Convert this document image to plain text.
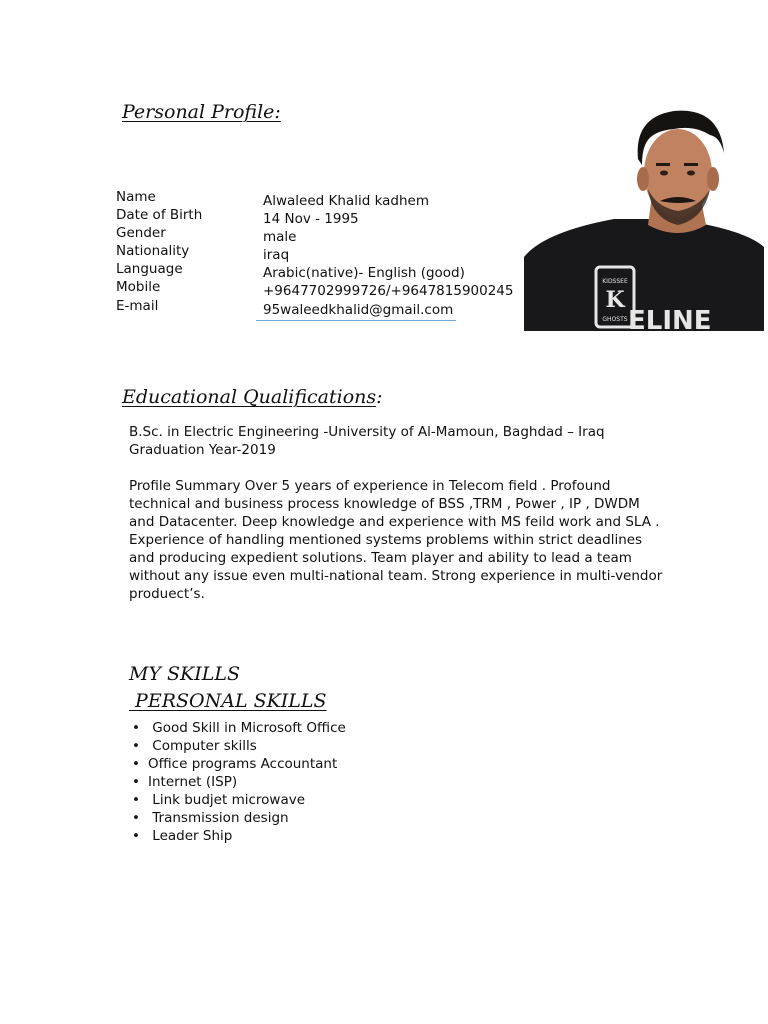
Personal Profile:
Name
Date of Birth
Gender
Nationality
Language
Mobile
E-mail
Alwaleed Khalid kadhem
14 Nov - 1995
male
iraq
Arabic(native)- English (good)
+9647702999726/+9647815900245
95waleedkhalid@gmail.com
KIDSSEE
K
GHOSTS ELINE
Educational Qualifications:
B.Sc. in Electric Engineering -University of Al-Mamoun, Baghdad – Iraq Graduation Year-2019
Profile Summary Over 5 years of experience in Telecom field . Profound technical and business process knowledge of BSS ,TRM , Power , IP , DWDM and Datacenter. Deep knowledge and experience with MS feild work and SLA . Experience of handling mentioned systems problems within strict deadlines and producing expedient solutions. Team player and ability to lead a team without any issue even multi-national team. Strong experience in multi-vendor produect’s.
MY SKILLS
PERSONAL SKILLS
• Good Skill in Microsoft Office
• Computer skills
• Office programs Accountant
• Internet (ISP)
• Link budjet microwave
• Transmission design
• Leader Ship
